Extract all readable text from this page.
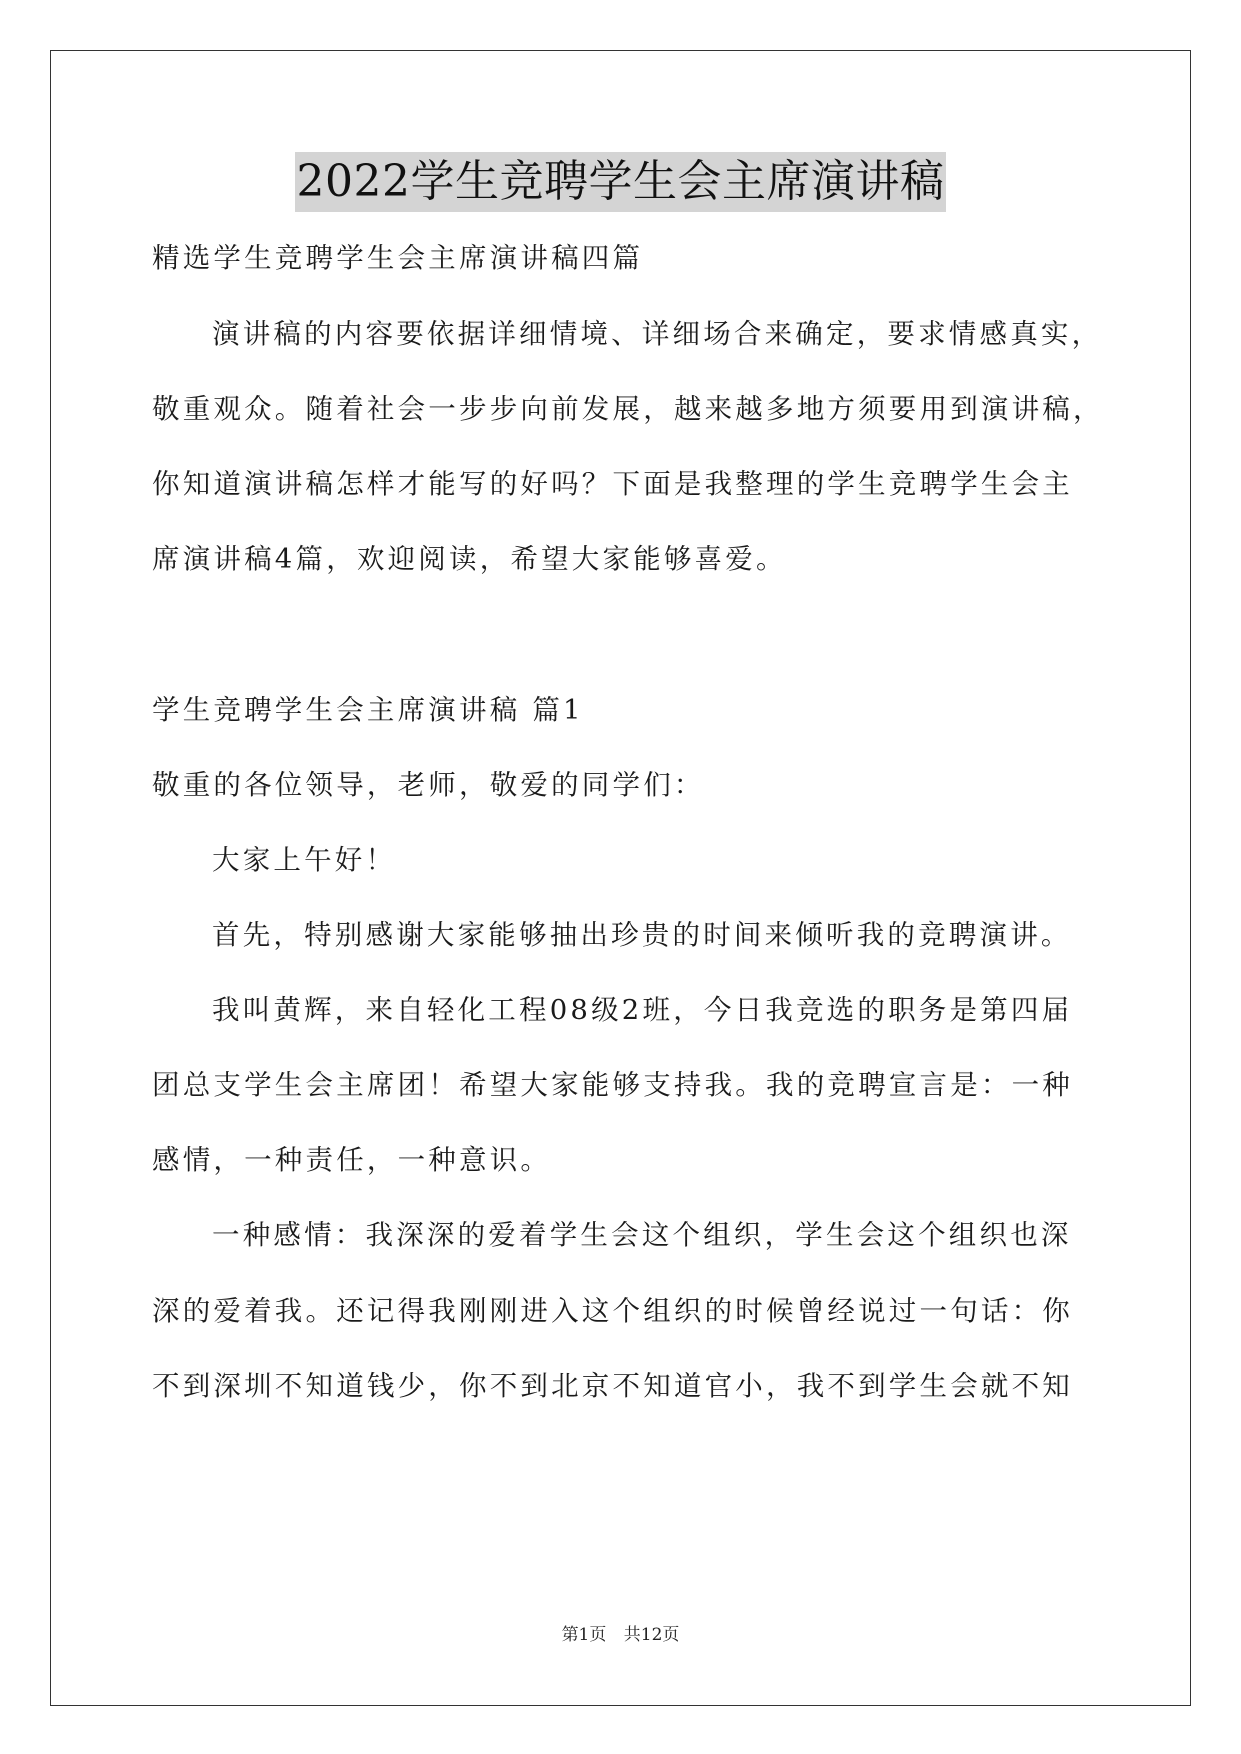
2022学生竞聘学生会主席演讲稿
精选学生竞聘学生会主席演讲稿四篇
演讲稿的内容要依据详细情境、详细场合来确定，要求情感真实，
敬重观众。随着社会一步步向前发展，越来越多地方须要用到演讲稿，
你知道演讲稿怎样才能写的好吗？下面是我整理的学生竞聘学生会主
席演讲稿4篇，欢迎阅读，希望大家能够喜爱。
学生竞聘学生会主席演讲稿 篇1
敬重的各位领导，老师，敬爱的同学们：
大家上午好！
首先，特别感谢大家能够抽出珍贵的时间来倾听我的竞聘演讲。
我叫黄辉，来自轻化工程08级2班，今日我竞选的职务是第四届
团总支学生会主席团！希望大家能够支持我。我的竞聘宣言是：一种
感情，一种责任，一种意识。
一种感情：我深深的爱着学生会这个组织，学生会这个组织也深
深的爱着我。还记得我刚刚进入这个组织的时候曾经说过一句话：你
不到深圳不知道钱少，你不到北京不知道官小，我不到学生会就不知
第1页 共12页
